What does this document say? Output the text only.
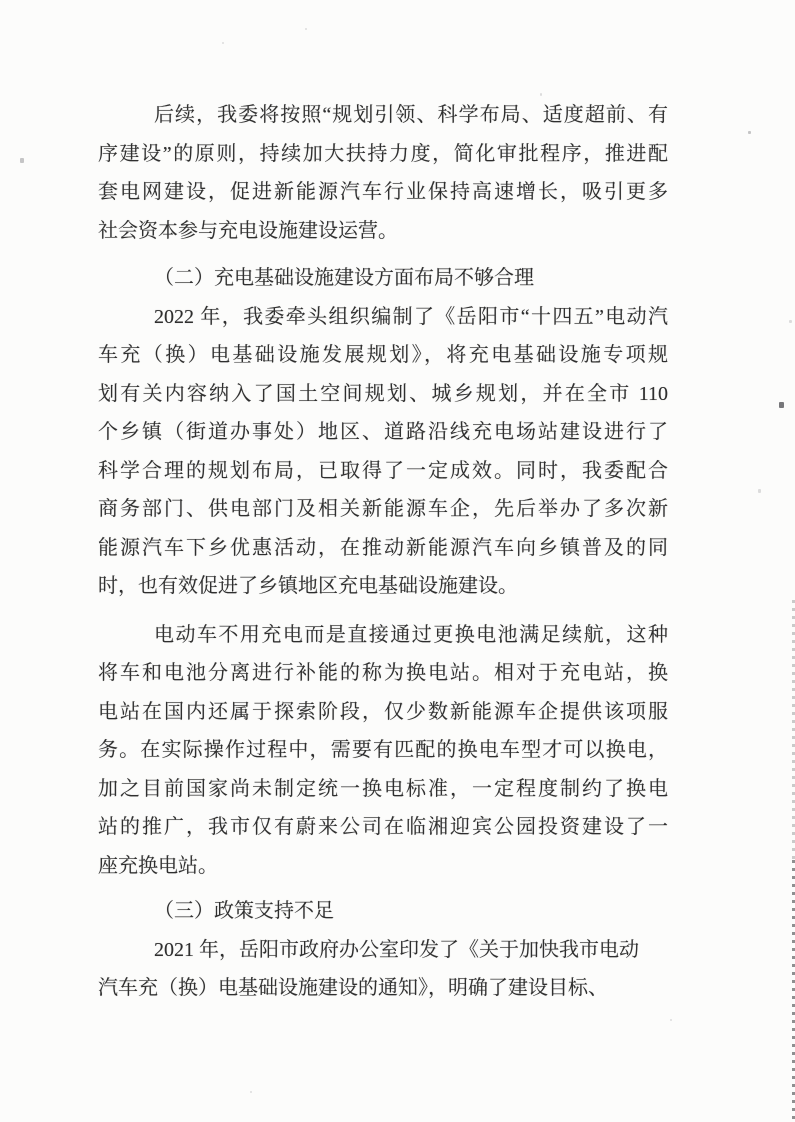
后续，我委将按照“规划引领、科学布局、适度超前、有
序建设”的原则，持续加大扶持力度，简化审批程序，推进配
套电网建设，促进新能源汽车行业保持高速增长，吸引更多
社会资本参与充电设施建设运营。
（二）充电基础设施建设方面布局不够合理
2022 年，我委牵头组织编制了《岳阳市“十四五”电动汽
车充（换）电基础设施发展规划》，将充电基础设施专项规
划有关内容纳入了国土空间规划、城乡规划，并在全市 110
个乡镇（街道办事处）地区、道路沿线充电场站建设进行了
科学合理的规划布局，已取得了一定成效。同时，我委配合
商务部门、供电部门及相关新能源车企，先后举办了多次新
能源汽车下乡优惠活动，在推动新能源汽车向乡镇普及的同
时，也有效促进了乡镇地区充电基础设施建设。
电动车不用充电而是直接通过更换电池满足续航，这种
将车和电池分离进行补能的称为换电站。相对于充电站，换
电站在国内还属于探索阶段，仅少数新能源车企提供该项服
务。在实际操作过程中，需要有匹配的换电车型才可以换电，
加之目前国家尚未制定统一换电标准，一定程度制约了换电
站的推广，我市仅有蔚来公司在临湘迎宾公园投资建设了一
座充换电站。
（三）政策支持不足
2021 年，岳阳市政府办公室印发了《关于加快我市电动
汽车充（换）电基础设施建设的通知》，明确了建设目标、
